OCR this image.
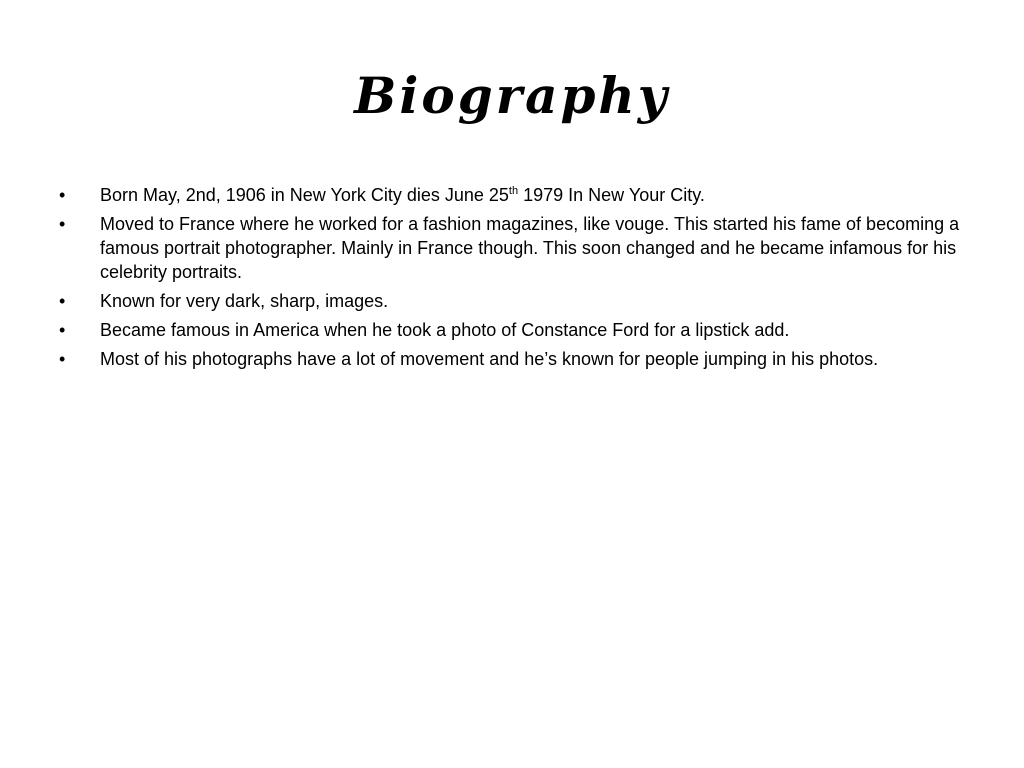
Biography
• Born May, 2nd, 1906 in New York City dies June 25th 1979 In New Your City.
• Moved to France where he worked for a fashion magazines, like vouge. This started his fame of becoming a famous portrait photographer. Mainly in France though. This soon changed and he became infamous for his celebrity portraits.
• Known for very dark, sharp, images.
• Became famous in America when he took a photo of Constance Ford for a lipstick add.
• Most of his photographs have a lot of movement and he’s known for people jumping in his photos.
